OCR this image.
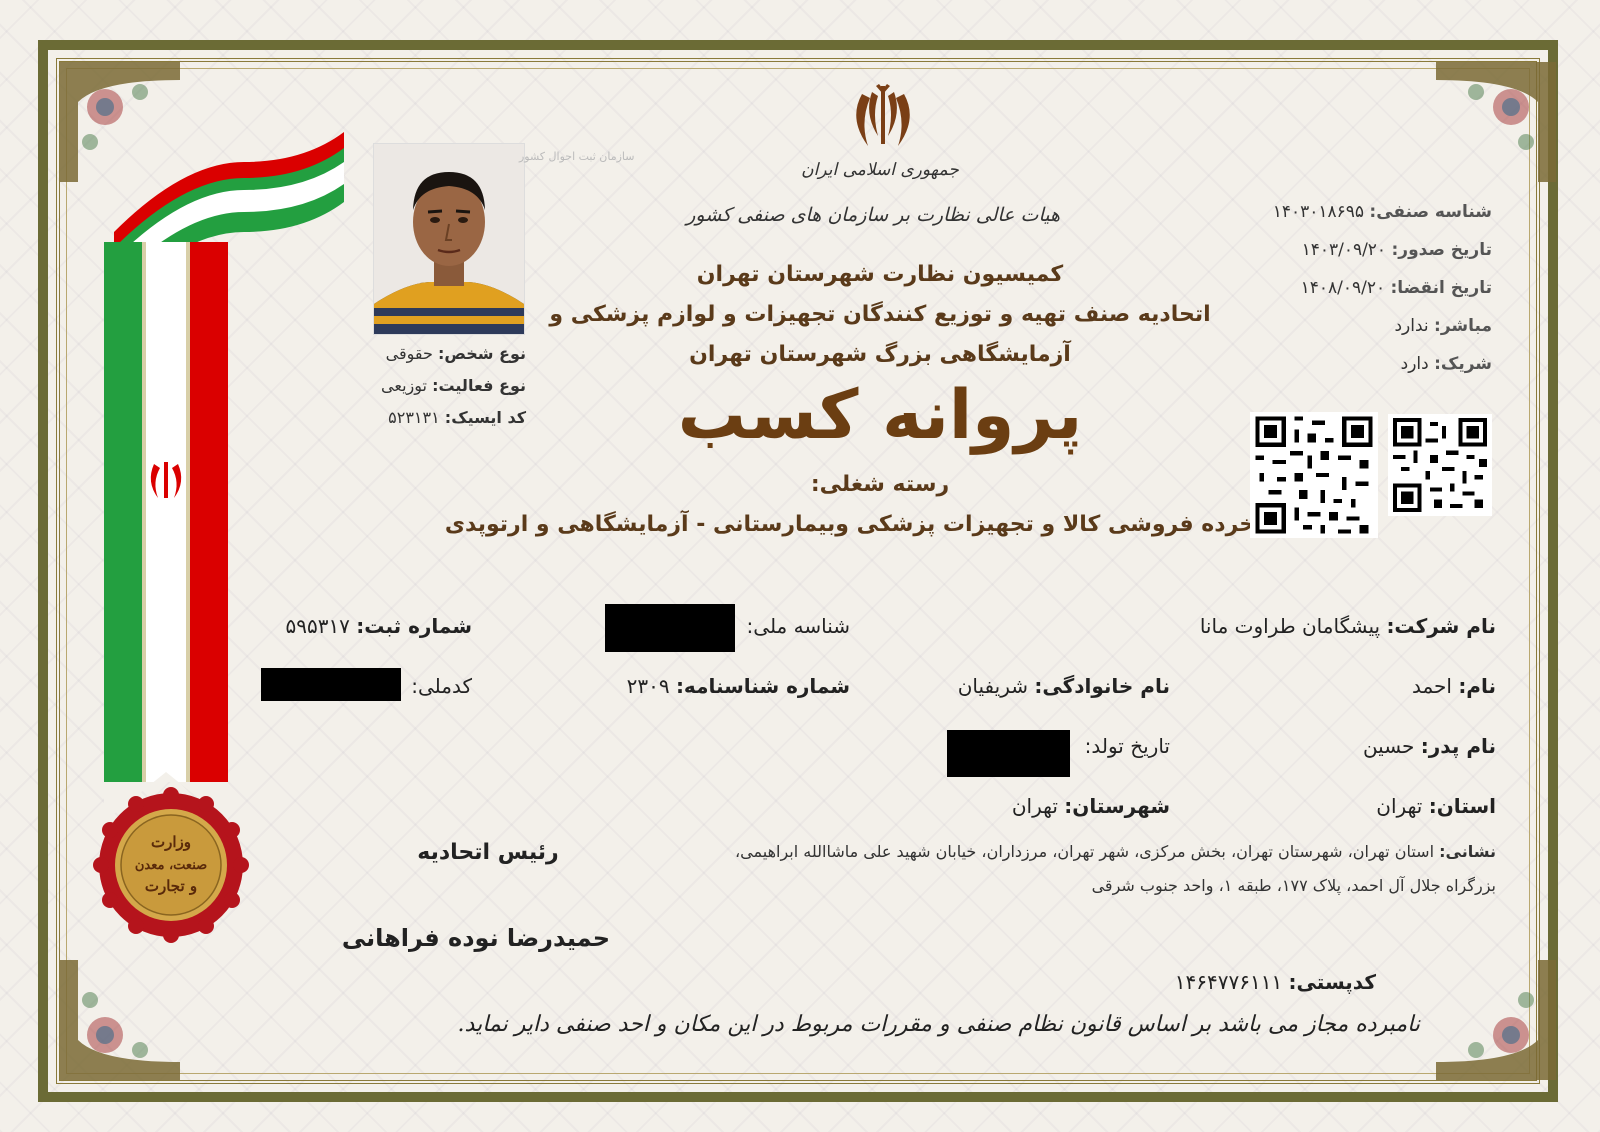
وزارت
صنعت، معدن
و تجارت
جمهوری اسلامی ایران
هیات عالی نظارت بر سازمان های صنفی کشور
کمیسیون نظارت شهرستان تهران
اتحادیه صنف تهیه و توزیع کنندگان تجهیزات و لوازم پزشکی و
آزمایشگاهی بزرگ شهرستان تهران
پروانه کسب
رسته شغلی:
خرده فروشی کالا و تجهیزات پزشکی وبیمارستانی - آزمایشگاهی و ارتوپدی
شناسه صنفی: ۱۴۰۳۰۱۸۶۹۵
تاریخ صدور: ۱۴۰۳/۰۹/۲۰
تاریخ انقضا: ۱۴۰۸/۰۹/۲۰
مباشر: ندارد
شریک: دارد
سازمان ثبت احوال کشور
نوع شخص: حقوقی
نوع فعالیت: توزیعی
کد ایسیک: ۵۲۳۱۳۱
نام شرکت: پیشگامان طراوت مانا
شناسه ملی:
شماره ثبت: ۵۹۵۳۱۷
نام: احمد
نام خانوادگی: شریفیان
شماره شناسنامه: ۲۳۰۹
کدملی:
نام پدر: حسین
تاریخ تولد:
استان: تهران
شهرستان: تهران
نشانی: استان تهران، شهرستان تهران، بخش مرکزی، شهر تهران، مرزداران، خیابان شهید علی ماشاالله ابراهیمی،
بزرگراه جلال آل احمد، پلاک ۱۷۷، طبقه ۱، واحد جنوب شرقی
رئیس اتحادیه
حمیدرضا نوده فراهانی
کدپستی: ۱۴۶۴۷۷۶۱۱۱
نامبرده مجاز می باشد بر اساس قانون نظام صنفی و مقررات مربوط در این مکان و احد صنفی دایر نماید.
